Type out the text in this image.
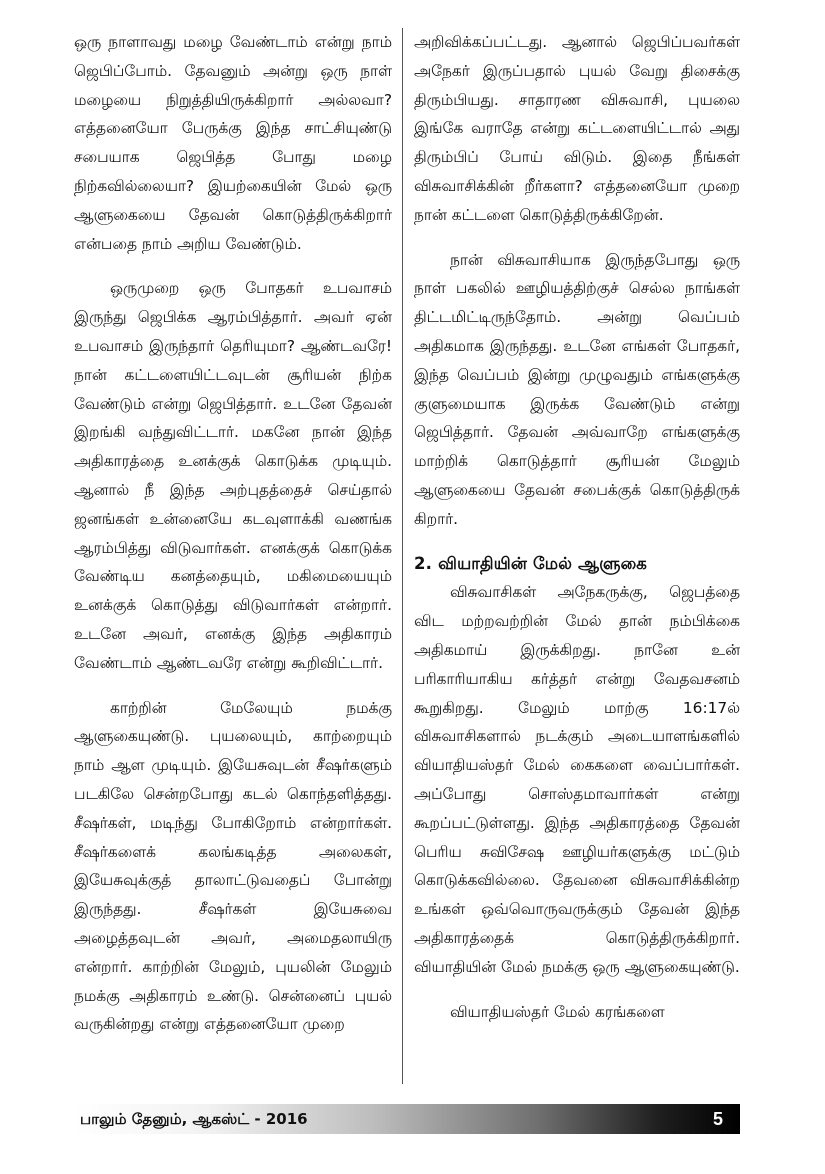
ஒரு நாளாவது மழை வேண்டாம் என்று நாம் ஜெபிப்போம். தேவனும் அன்று ஒரு நாள் மழையை நிறுத்தியிருக்கிறார் அல்லவா? எத்தனையோ பேருக்கு இந்த சாட்சியுண்டு சபையாக ஜெபித்த போது மழை நிற்கவில்லையா? இயற்கையின் மேல் ஒரு ஆளுகையை தேவன் கொடுத்திருக்கிறார் என்பதை நாம் அறிய வேண்டும்.

ஒருமுறை ஒரு போதகர் உபவாசம் இருந்து ஜெபிக்க ஆரம்பித்தார். அவர் ஏன் உபவாசம் இருந்தார் தெரியுமா? ஆண்டவரே! நான் கட்டளையிட்டவுடன் சூரியன் நிற்க வேண்டும் என்று ஜெபித்தார். உடனே தேவன் இறங்கி வந்துவிட்டார். மகனே நான் இந்த அதிகாரத்தை உனக்குக் கொடுக்க முடியும். ஆனால் நீ இந்த அற்புதத்தைச் செய்தால் ஜனங்கள் உன்னையே கடவுளாக்கி வணங்க ஆரம்பித்து விடுவார்கள். எனக்குக் கொடுக்க வேண்டிய கனத்தையும், மகிமையையும் உனக்குக் கொடுத்து விடுவார்கள் என்றார். உடனே அவர், எனக்கு இந்த அதிகாரம் வேண்டாம் ஆண்டவரே என்று கூறிவிட்டார்.

காற்றின் மேலேயும் நமக்கு ஆளுகையுண்டு. புயலையும், காற்றையும் நாம் ஆள முடியும். இயேசுவுடன் சீஷர்களும் படகிலே சென்றபோது கடல் கொந்தளித்தது. சீஷர்கள், மடிந்து போகிறோம் என்றார்கள். சீஷர்களைக் கலங்கடித்த அலைகள், இயேசுவுக்குத் தாலாட்டுவதைப் போன்று இருந்தது. சீஷர்கள் இயேசுவை அழைத்தவுடன் அவர், அமைதலாயிரு என்றார். காற்றின் மேலும், புயலின் மேலும் நமக்கு அதிகாரம் உண்டு. சென்னைப் புயல் வருகின்றது என்று எத்தனையோ முறை

அறிவிக்கப்பட்டது. ஆனால் ஜெபிப்பவர்கள் அநேகர் இருப்பதால் புயல் வேறு திசைக்கு திரும்பியது. சாதாரண விசுவாசி, புயலை இங்கே வராதே என்று கட்டளையிட்டால் அது திரும்பிப் போய் விடும். இதை நீங்கள் விசுவாசிக்கின் றீர்களா? எத்தனையோ முறை நான் கட்டளை கொடுத்திருக்கிறேன்.

நான் விசுவாசியாக இருந்தபோது ஒரு நாள் பகலில் ஊழியத்திற்குச் செல்ல நாங்கள் திட்டமிட்டிருந்தோம். அன்று வெப்பம் அதிகமாக இருந்தது. உடனே எங்கள் போதகர், இந்த வெப்பம் இன்று முழுவதும் எங்களுக்கு குளுமையாக இருக்க வேண்டும் என்று ஜெபித்தார். தேவன் அவ்வாறே எங்களுக்கு மாற்றிக் கொடுத்தார் சூரியன் மேலும் ஆளுகையை தேவன் சபைக்குக் கொடுத்திருக் கிறார்.

2. வியாதியின் மேல் ஆளுகை

விசுவாசிகள் அநேகருக்கு, ஜெபத்தை விட மற்றவற்றின் மேல் தான் நம்பிக்கை அதிகமாய் இருக்கிறது. நானே உன் பரிகாரியாகிய கர்த்தர் என்று வேதவசனம் கூறுகிறது. மேலும் மாற்கு 16:17ல் விசுவாசிகளால் நடக்கும் அடையாளங்களில் வியாதியஸ்தர் மேல் கைகளை வைப்பார்கள். அப்போது சொஸ்தமாவார்கள் என்று கூறப்பட்டுள்ளது. இந்த அதிகாரத்தை தேவன் பெரிய சுவிசேஷ ஊழியர்களுக்கு மட்டும் கொடுக்கவில்லை. தேவனை விசுவாசிக்கின்ற உங்கள் ஒவ்வொருவருக்கும் தேவன் இந்த அதிகாரத்தைக் கொடுத்திருக்கிறார். வியாதியின் மேல் நமக்கு ஒரு ஆளுகையுண்டு.

வியாதியஸ்தர் மேல் கரங்களை

பாலும் தேனும், ஆகஸ்ட் - 2016	5
